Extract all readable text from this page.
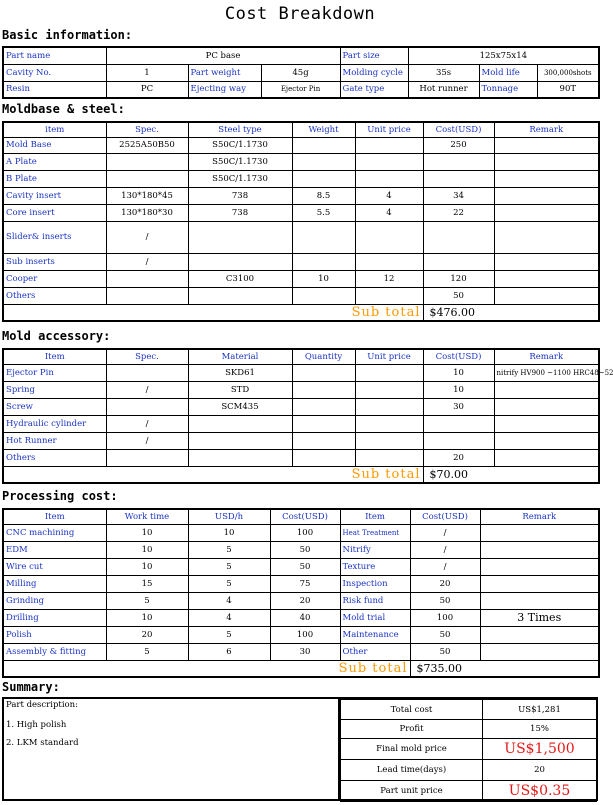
Cost Breakdown
Basic information:
Part name	PC base			Part size	125x75x14		
Cavity No.	1	Part weight	45g	Molding cycle	35s	Mold life	300,000shots
Resin	PC	Ejecting way	Ejector Pin	Gate type	Hot runner	Tonnage	90T
Moldbase & steel:
item	Spec.	Steel type	Weight	Unit price	Cost(USD)	Remark
Mold Base	2525A50B50	S50C/1.1730			250	
A Plate		S50C/1.1730				
B Plate		S50C/1.1730				
Cavity insert	130*180*45	738	8.5	4	34	
Core insert	130*180*30	738	5.5	4	22	
Slider& inserts	/					
Sub inserts	/					
Cooper		C3100	10	12	120	
Others					50	
Sub total					$476.00	
Mold accessory:
Item	Spec.	Material	Quantity	Unit price	Cost(USD)	Remark
Ejector Pin		SKD61			10	nitrify HV900 ~1100 HRC48~52
Spring	/	STD			10	
Screw		SCM435			30	
Hydraulic cylinder	/					
Hot Runner	/					
Others					20	
Sub total					$70.00	
Processing cost:
Item	Work time	USD/h	Cost(USD)	Item	Cost(USD)	Remark
CNC machining	10	10	100	Heat Treatment	/	
EDM	10	5	50	Nitrify	/	
Wire cut	10	5	50	Texture	/	
Milling	15	5	75	Inspection	20	
Grinding	5	4	20	Risk fund	50	
Drilling	10	4	40	Mold trial	100	3 Times
Polish	20	5	100	Maintenance	50	
Assembly & fitting	5	6	30	Other	50	
Sub total					$735.00	
Summary:
Part description:
1. High polish
2. LKM standard
Total cost	US$1,281
Profit	15%
Final mold price	US$1,500
Lead time(days)	20
Part unit price	US$0.35
